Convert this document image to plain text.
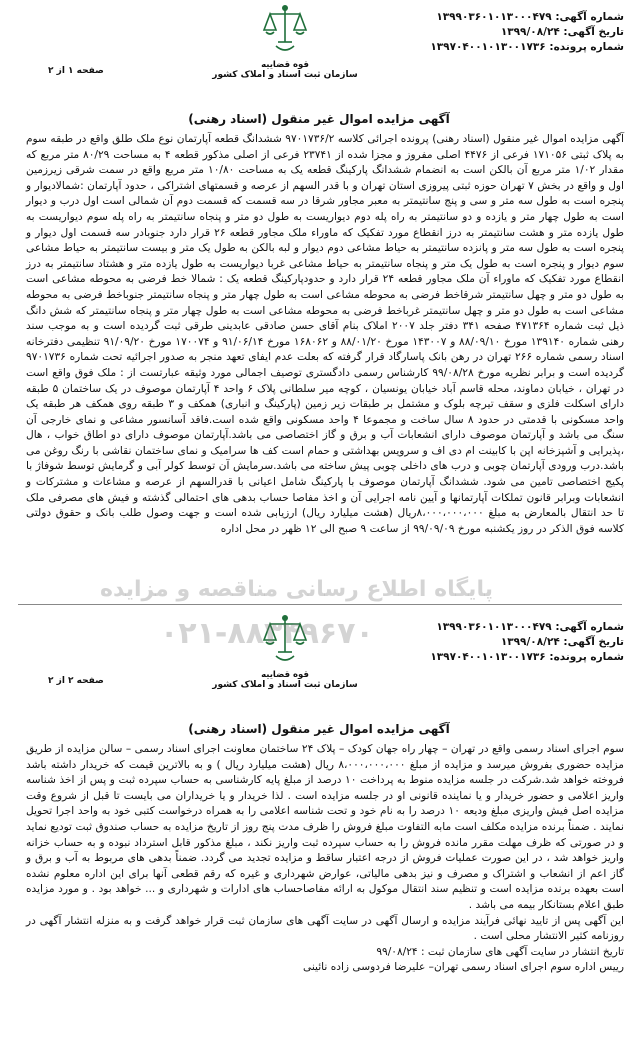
شماره آگهی: ۱۳۹۹۰۳۶۰۱۰۱۳۰۰۰۴۷۹
تاریخ آگهی: ۱۳۹۹/۰۸/۲۴
شماره پرونده: ۱۳۹۷۰۴۰۰۱۰۱۳۰۰۱۷۳۶
قوه قضاییه
سازمان ثبت اسناد و املاک کشور
صفحه ۱ از ۲
آگهی مزایده اموال غیر منقول (اسناد رهنی)

آگهی مزایده اموال غیر منقول (اسناد رهنی) پرونده اجرائی کلاسه ۹۷۰۱۷۳۶/۲ ششدانگ قطعه آپارتمان نوع ملک طلق واقع در طبقه سوم به پلاک ثبتی ۱۷۱۰۵۶ فرعی از ۴۴۷۶ اصلی مفروز و مجزا شده از ۲۳۷۴۱ فرعی از اصلی مذکور قطعه ۴ به مساحت ۸۰/۲۹ متر مربع که مقدار ۱/۰۲ متر مربع آن بالکن است به انضمام ششدانگ پارکینگ قطعه یک به مساحت ۱۰/۸۰ متر مربع واقع در سمت شرقی زیرزمین اول و واقع در بخش ۷ تهران حوزه ثبتی پیروزی استان تهران و با قدر السهم از عرصه و قسمتهای اشتراکی ، حدود آپارتمان :شمالادیوار و پنجره است به طول سه متر و سی و پنج سانتیمتر به معبر مجاور شرقا در سه قسمت که قسمت دوم آن شمالی است اول درب و دیوار است به طول چهار متر و یازده و دو سانتیمتر به راه پله دوم دیواریست به طول دو متر و پنجاه سانتیمتر به راه پله سوم دیواریست به طول یازده متر و هشت سانتیمتر به درز انقطاع مورد تفکیک که ماوراء ملک مجاور قطعه ۲۶ قرار دارد جنوبادر سه قسمت اول دیوار و پنجره است به طول سه متر و پانزده سانتیمتر به حیاط مشاعی دوم دیوار و لبه بالکن به طول یک متر و بیست سانتیمتر به حیاط مشاعی سوم دیوار و پنجره است به طول یک متر و پنجاه سانتیمتر به حیاط مشاعی غربا دیواریست به طول یازده متر و هشتاد سانتیمتر به درز انقطاع مورد تفکیک که ماوراء آن ملک مجاور قطعه ۲۴ قرار دارد و حدودپارکینگ قطعه یک : شمالا خط فرضی به محوطه مشاعی است به طول دو متر و چهل سانتیمتر شرقاخط فرضی به محوطه مشاعی است به طول چهار متر و پنجاه سانتیمتر جنوباخط فرضی به محوطه مشاعی است به طول دو متر و چهل سانتیمتر غرباخط فرضی به محوطه مشاعی است به طول چهار متر و پنجاه سانتیمتر که شش دانگ ذیل ثبت شماره ۴۷۱۳۶۴ صفحه ۳۴۱ دفتر جلد ۲۰۰۷ املاک بنام آقای حسن صادقی عابدینی طرقی ثبت گردیده است و به موجب سند رهنی شماره ۱۳۹۱۴۰ مورخ ۸۸/۰۹/۱۰ و ۱۴۳۰۰۷ مورخ ۸۸/۰۱/۲۰ و ۱۶۸۰۶۲ مورخ ۹۱/۰۶/۱۴ و ۱۷۰۰۷۴ مورخ ۹۱/۰۹/۲۰ تنظیمی دفترخانه اسناد رسمی شماره ۲۶۶ تهران در رهن بانک پاسارگاد قرار گرفته که بعلت عدم ایفای تعهد منجر به صدور اجرائیه تحت شماره ۹۷۰۱۷۳۶ گردیده است و برابر نظریه مورخ ۹۹/۰۸/۲۸ کارشناس رسمی دادگستری توصیف اجمالی مورد وثیقه عبارتست از : ملک فوق واقع است در تهران ، خیابان دماوند، محله قاسم آباد خیابان یونسیان ، کوچه میر سلطانی پلاک ۶ واحد ۴ آپارتمان موصوف در یک ساختمان ۵ طبقه دارای اسکلت فلزی و سقف تیرچه بلوک و مشتمل بر طبقات زیر زمین (پارکینگ و انباری) همکف و ۳ طبقه روی همکف هر طبقه یک واحد مسکونی با قدمتی در حدود ۸ سال ساخت و مجموعا ۴ واحد مسکونی واقع شده است.فاقد آسانسور مشاعی و نمای خارجی آن سنگ می باشد و آپارتمان موصوف دارای انشعابات آب و برق و گاز اختصاصی می باشد.آپارتمان موصوف دارای دو اطاق خواب ، هال ،پذیرایی و آشپزخانه اپن با کابینت ام دی اف و سرویس بهداشتی و حمام است کف ها سرامیک و نمای ساختمان نقاشی با رنگ روغن می باشد.درب ورودی آپارتمان چوبی و درب های داخلی چوبی پیش ساخته می باشد.سرمایش آن توسط کولر آبی و گرمایش توسط شوفاژ با پکیج اختصاصی تامین می شود. ششدانگ آپارتمان موصوف با پارکینگ شامل اعیانی با قدرالسهم از عرصه و مشاعات و مشترکات و انشعابات وبرابر قانون تملکات آپارتمانها و آیین نامه اجرایی آن و اخذ مفاصا حساب بدهی های احتمالی گذشته و فیش های مصرفی ملک تا حد انتقال بالمعارض به مبلغ ۸،۰۰۰،۰۰۰،۰۰۰ریال (هشت میلیارد ریال) ارزیابی شده است و جهت وصول طلب بانک و حقوق دولتی کلاسه فوق الذکر در روز یکشنبه مورخ ۹۹/۰۹/۰۹ از ساعت ۹ صبح الی ۱۲ ظهر در محل اداره

شماره آگهی: ۱۳۹۹۰۳۶۰۱۰۱۳۰۰۰۴۷۹
تاریخ آگهی: ۱۳۹۹/۰۸/۲۴
شماره پرونده: ۱۳۹۷۰۴۰۰۱۰۱۳۰۰۱۷۳۶
قوه قضاییه
سازمان ثبت اسناد و املاک کشور
صفحه ۲ از ۲
آگهی مزایده اموال غیر منقول (اسناد رهنی)

سوم اجرای اسناد رسمی واقع در تهران – چهار راه جهان کودک – پلاک ۲۴ ساختمان معاونت اجرای اسناد رسمی – سالن مزایده از طریق مزایده حضوری بفروش میرسد و مزایده از مبلغ ۸،۰۰۰،۰۰۰،۰۰۰ ریال (هشت میلیارد ریال ) و به بالاترین قیمت که خریدار داشته باشد فروخته خواهد شد.شرکت در جلسه مزایده منوط به پرداخت ۱۰ درصد از مبلغ پایه کارشناسی به حساب سپرده ثبت و پس از اخذ شناسه واریز اعلامی و حضور خریدار و یا نماینده قانونی او در جلسه مزایده است . لذا خریدار و یا خریداران می بایست تا قبل از شروع وقت مزایده اصل فیش واریزی مبلغ ودیعه ۱۰ درصد را به نام خود و تحت شناسه اعلامی را به همراه درخواست کتبی خود به واحد اجرا تحویل نمایند . ضمناً برنده مزایده مکلف است مابه التفاوت مبلغ فروش را ظرف مدت پنج روز از تاریخ مزایده به حساب صندوق ثبت تودیع نماید و در صورتی که ظرف مهلت مقرر مانده فروش را به حساب سپرده ثبت واریز نکند ، مبلغ مذکور قابل استرداد نبوده و به حساب خزانه واریز خواهد شد ، در این صورت عملیات فروش از درجه اعتبار ساقط و مزایده تجدید می گردد. ضمناً بدهی های مربوط به آب و برق و گاز اعم از انشعاب و اشتراک و مصرف و نیز بدهی مالیاتی، عوارض شهرداری و غیره که رقم قطعی آنها برای این اداره معلوم نشده است بعهده برنده مزایده است و تنظیم سند انتقال موکول به ارائه مفاصاحساب های ادارات و شهرداری و ... خواهد بود . و مورد مزایده طبق اعلام بستانکار بیمه می باشد .

این آگهی پس از تایید نهائی فرآیند مزایده و ارسال آگهی در سایت آگهی های سازمان ثبت قرار خواهد گرفت و به منزله انتشار آگهی در روزنامه کثیر الانتشار محلی است .

تاریخ انتشار در سایت آگهی های سازمان ثبت : ۹۹/۰۸/۲۴

رییس اداره سوم اجرای اسناد رسمی تهران– علیرضا فردوسی زاده نائینی

پایگاه اطلاع رسانی مناقصه و مزایده
۰۲۱-۸۸۳۴۹۶۷۰
